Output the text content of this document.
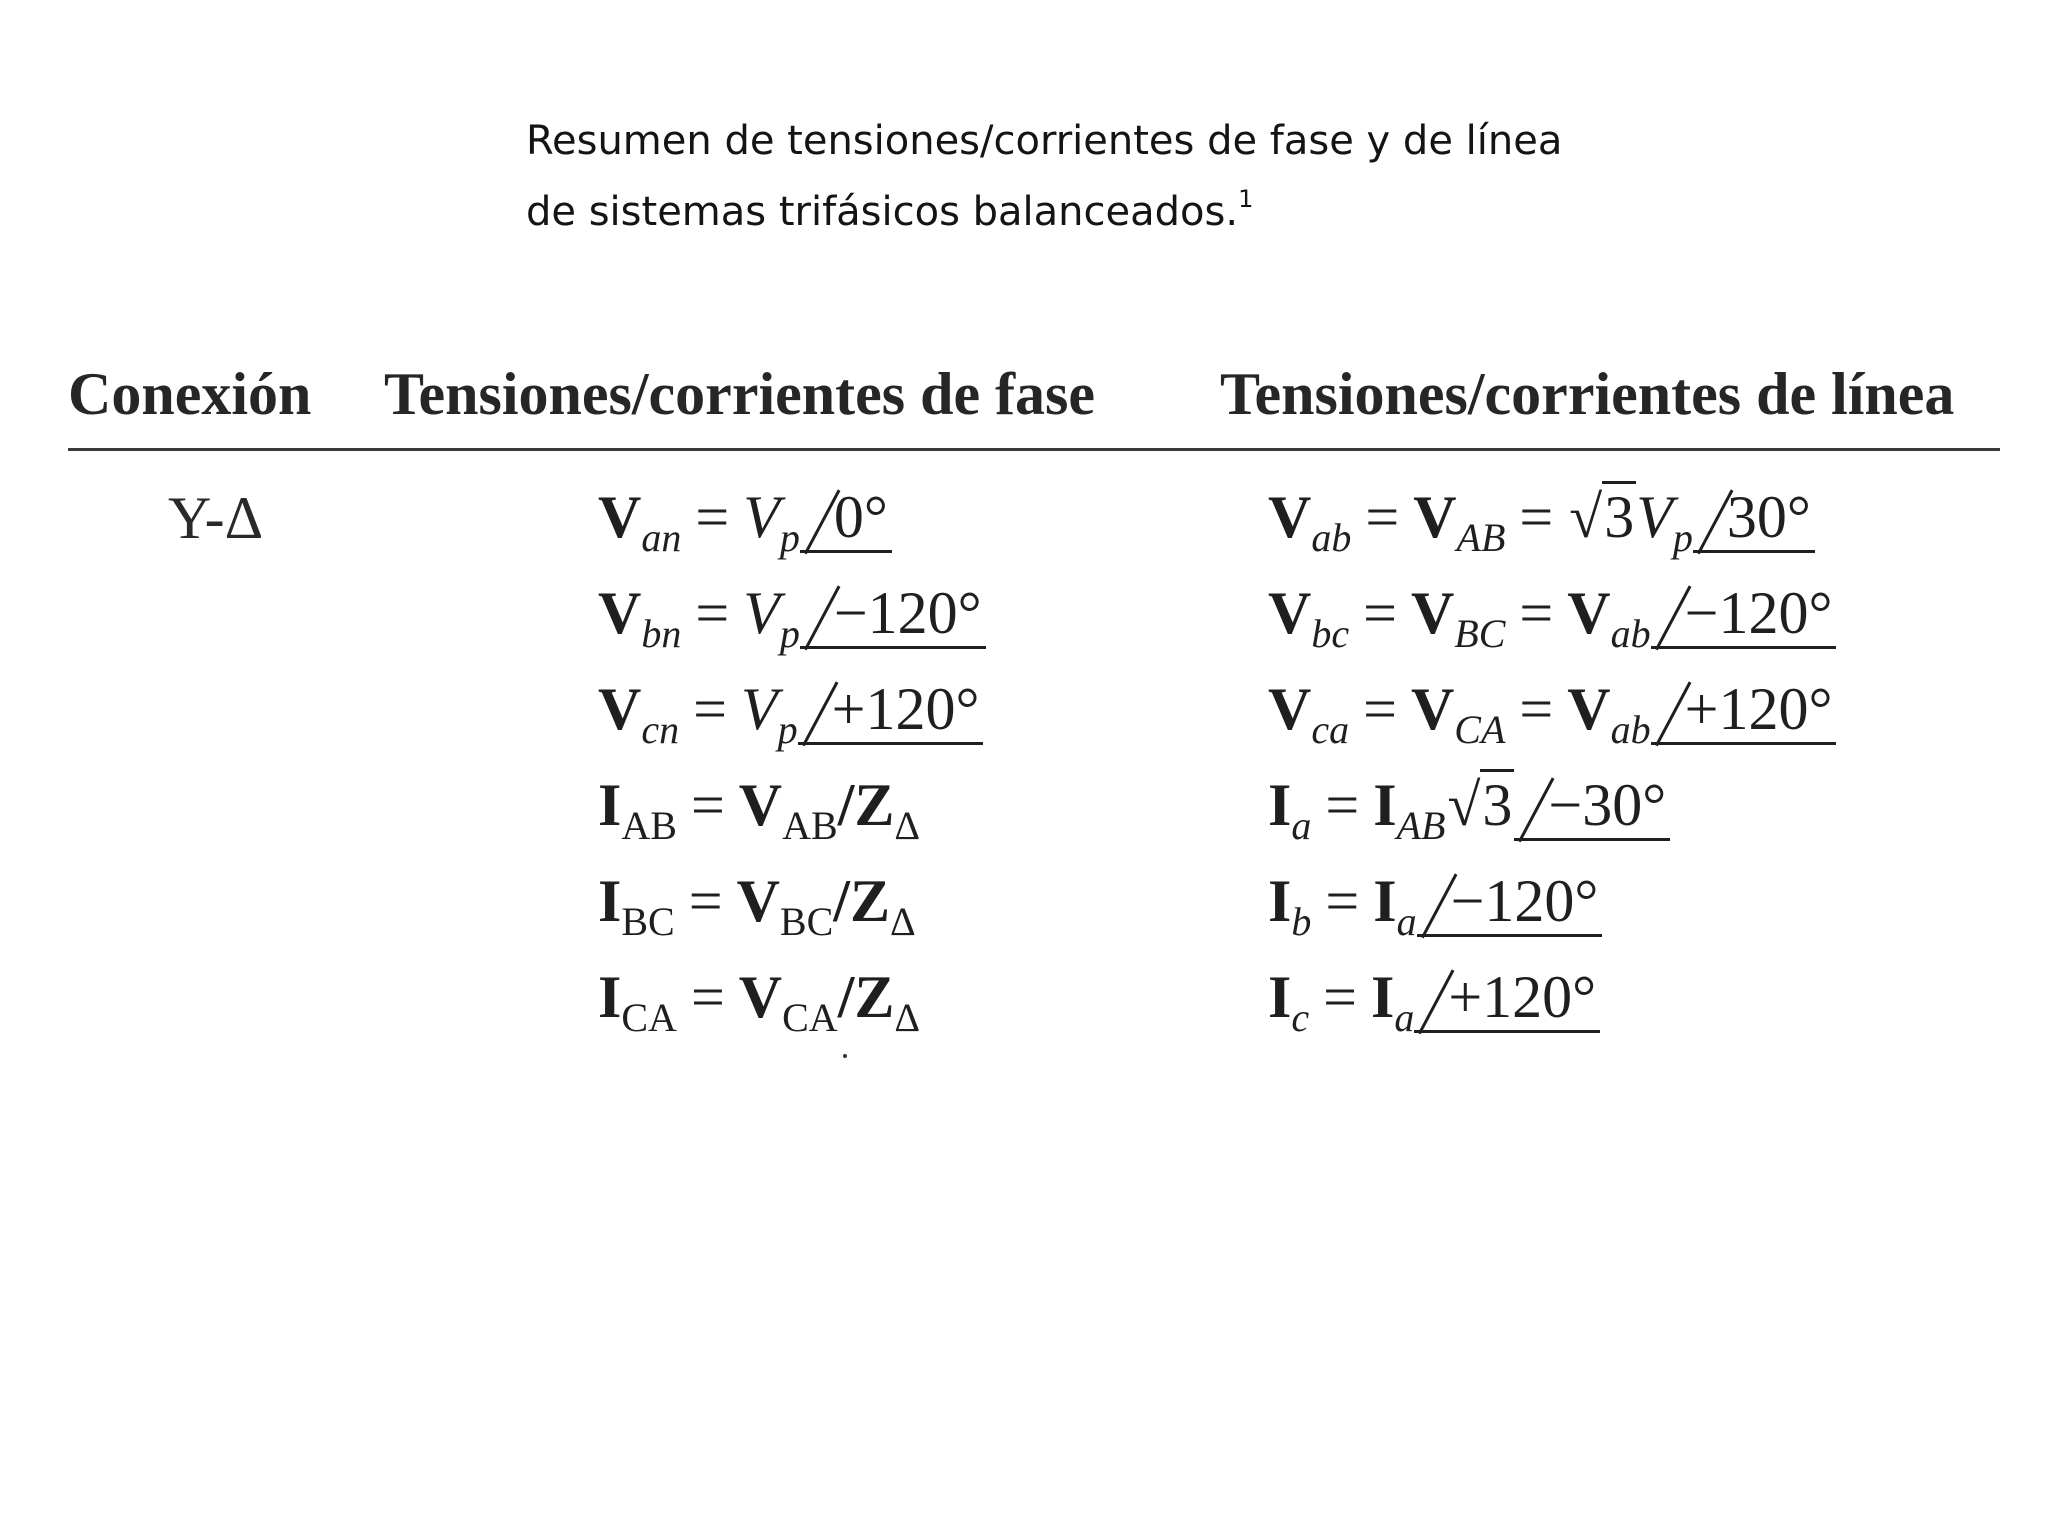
Resumen de tensiones/corrientes de fase y de línea
de sistemas trifásicos balanceados.$^1$
Conexión Tensiones/corrientes de fase Tensiones/corrientes de línea
Y-Δ	$V_{an} = V_p$ 0°
$V_{bn} = V_p -120^\circ$
$V_{cn} = V_p +120^\circ$
$I_{AB} = V_{AB}/Z_\Delta$
$I_{BC} = V_{BC}/Z_\Delta$
$I_{CA} = V_{CA}/Z_\Delta$
$V_{ab} = V_{AB} = √3V_p$ 30°
$V_{bc} = V_{BC} = V_{ab} -120^\circ$
$V_{ca} = V_{CA} = V_{ab} +120^\circ$
$I_a = I_{AB}√3 -30^\circ$
$I_b = I_a -120^\circ$
$I_c = I_a +120^\circ$
